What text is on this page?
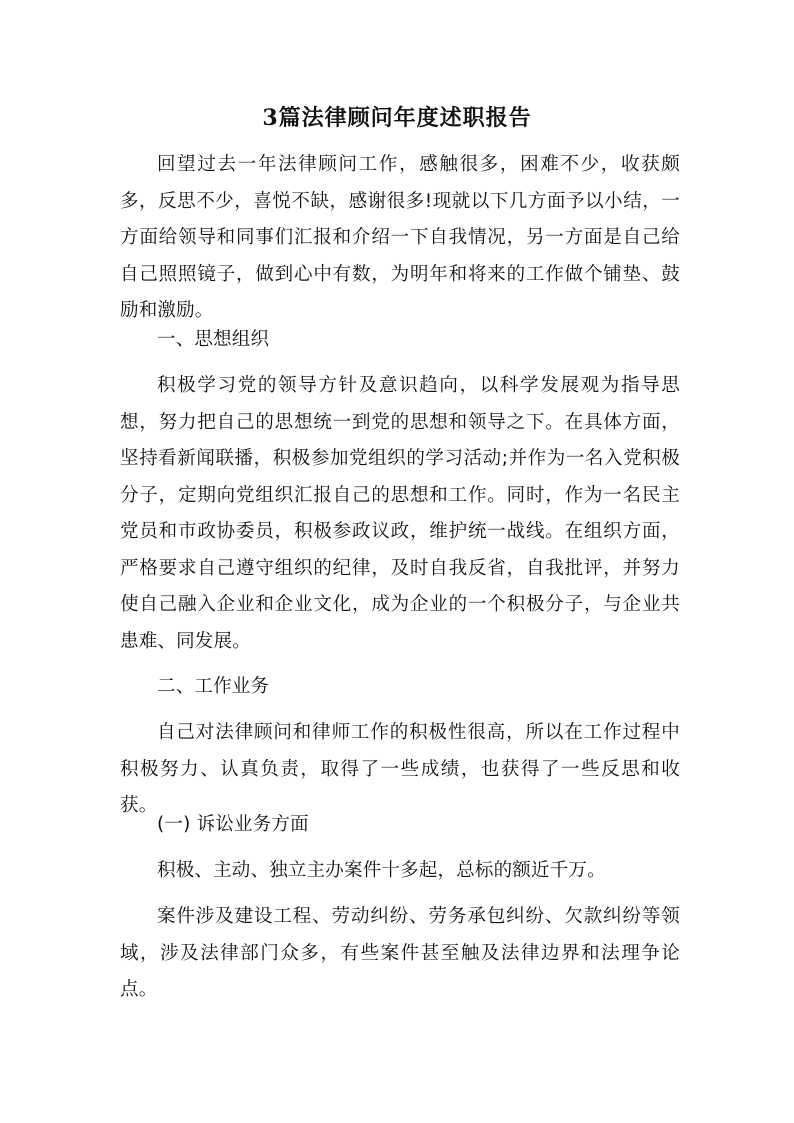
3篇法律顾问年度述职报告

回望过去一年法律顾问工作，感触很多，困难不少，收获颇多，反思不少，喜悦不缺，感谢很多!现就以下几方面予以小结，一方面给领导和同事们汇报和介绍一下自我情况，另一方面是自己给自己照照镜子，做到心中有数，为明年和将来的工作做个铺垫、鼓励和激励。

一、思想组织

积极学习党的领导方针及意识趋向，以科学发展观为指导思想，努力把自己的思想统一到党的思想和领导之下。在具体方面，坚持看新闻联播，积极参加党组织的学习活动;并作为一名入党积极分子，定期向党组织汇报自己的思想和工作。同时，作为一名民主党员和市政协委员，积极参政议政，维护统一战线。在组织方面，严格要求自己遵守组织的纪律，及时自我反省，自我批评，并努力使自己融入企业和企业文化，成为企业的一个积极分子，与企业共患难、同发展。

二、工作业务

自己对法律顾问和律师工作的积极性很高，所以在工作过程中积极努力、认真负责，取得了一些成绩，也获得了一些反思和收获。

(一) 诉讼业务方面

积极、主动、独立主办案件十多起，总标的额近千万。

案件涉及建设工程、劳动纠纷、劳务承包纠纷、欠款纠纷等领域，涉及法律部门众多，有些案件甚至触及法律边界和法理争论点。
